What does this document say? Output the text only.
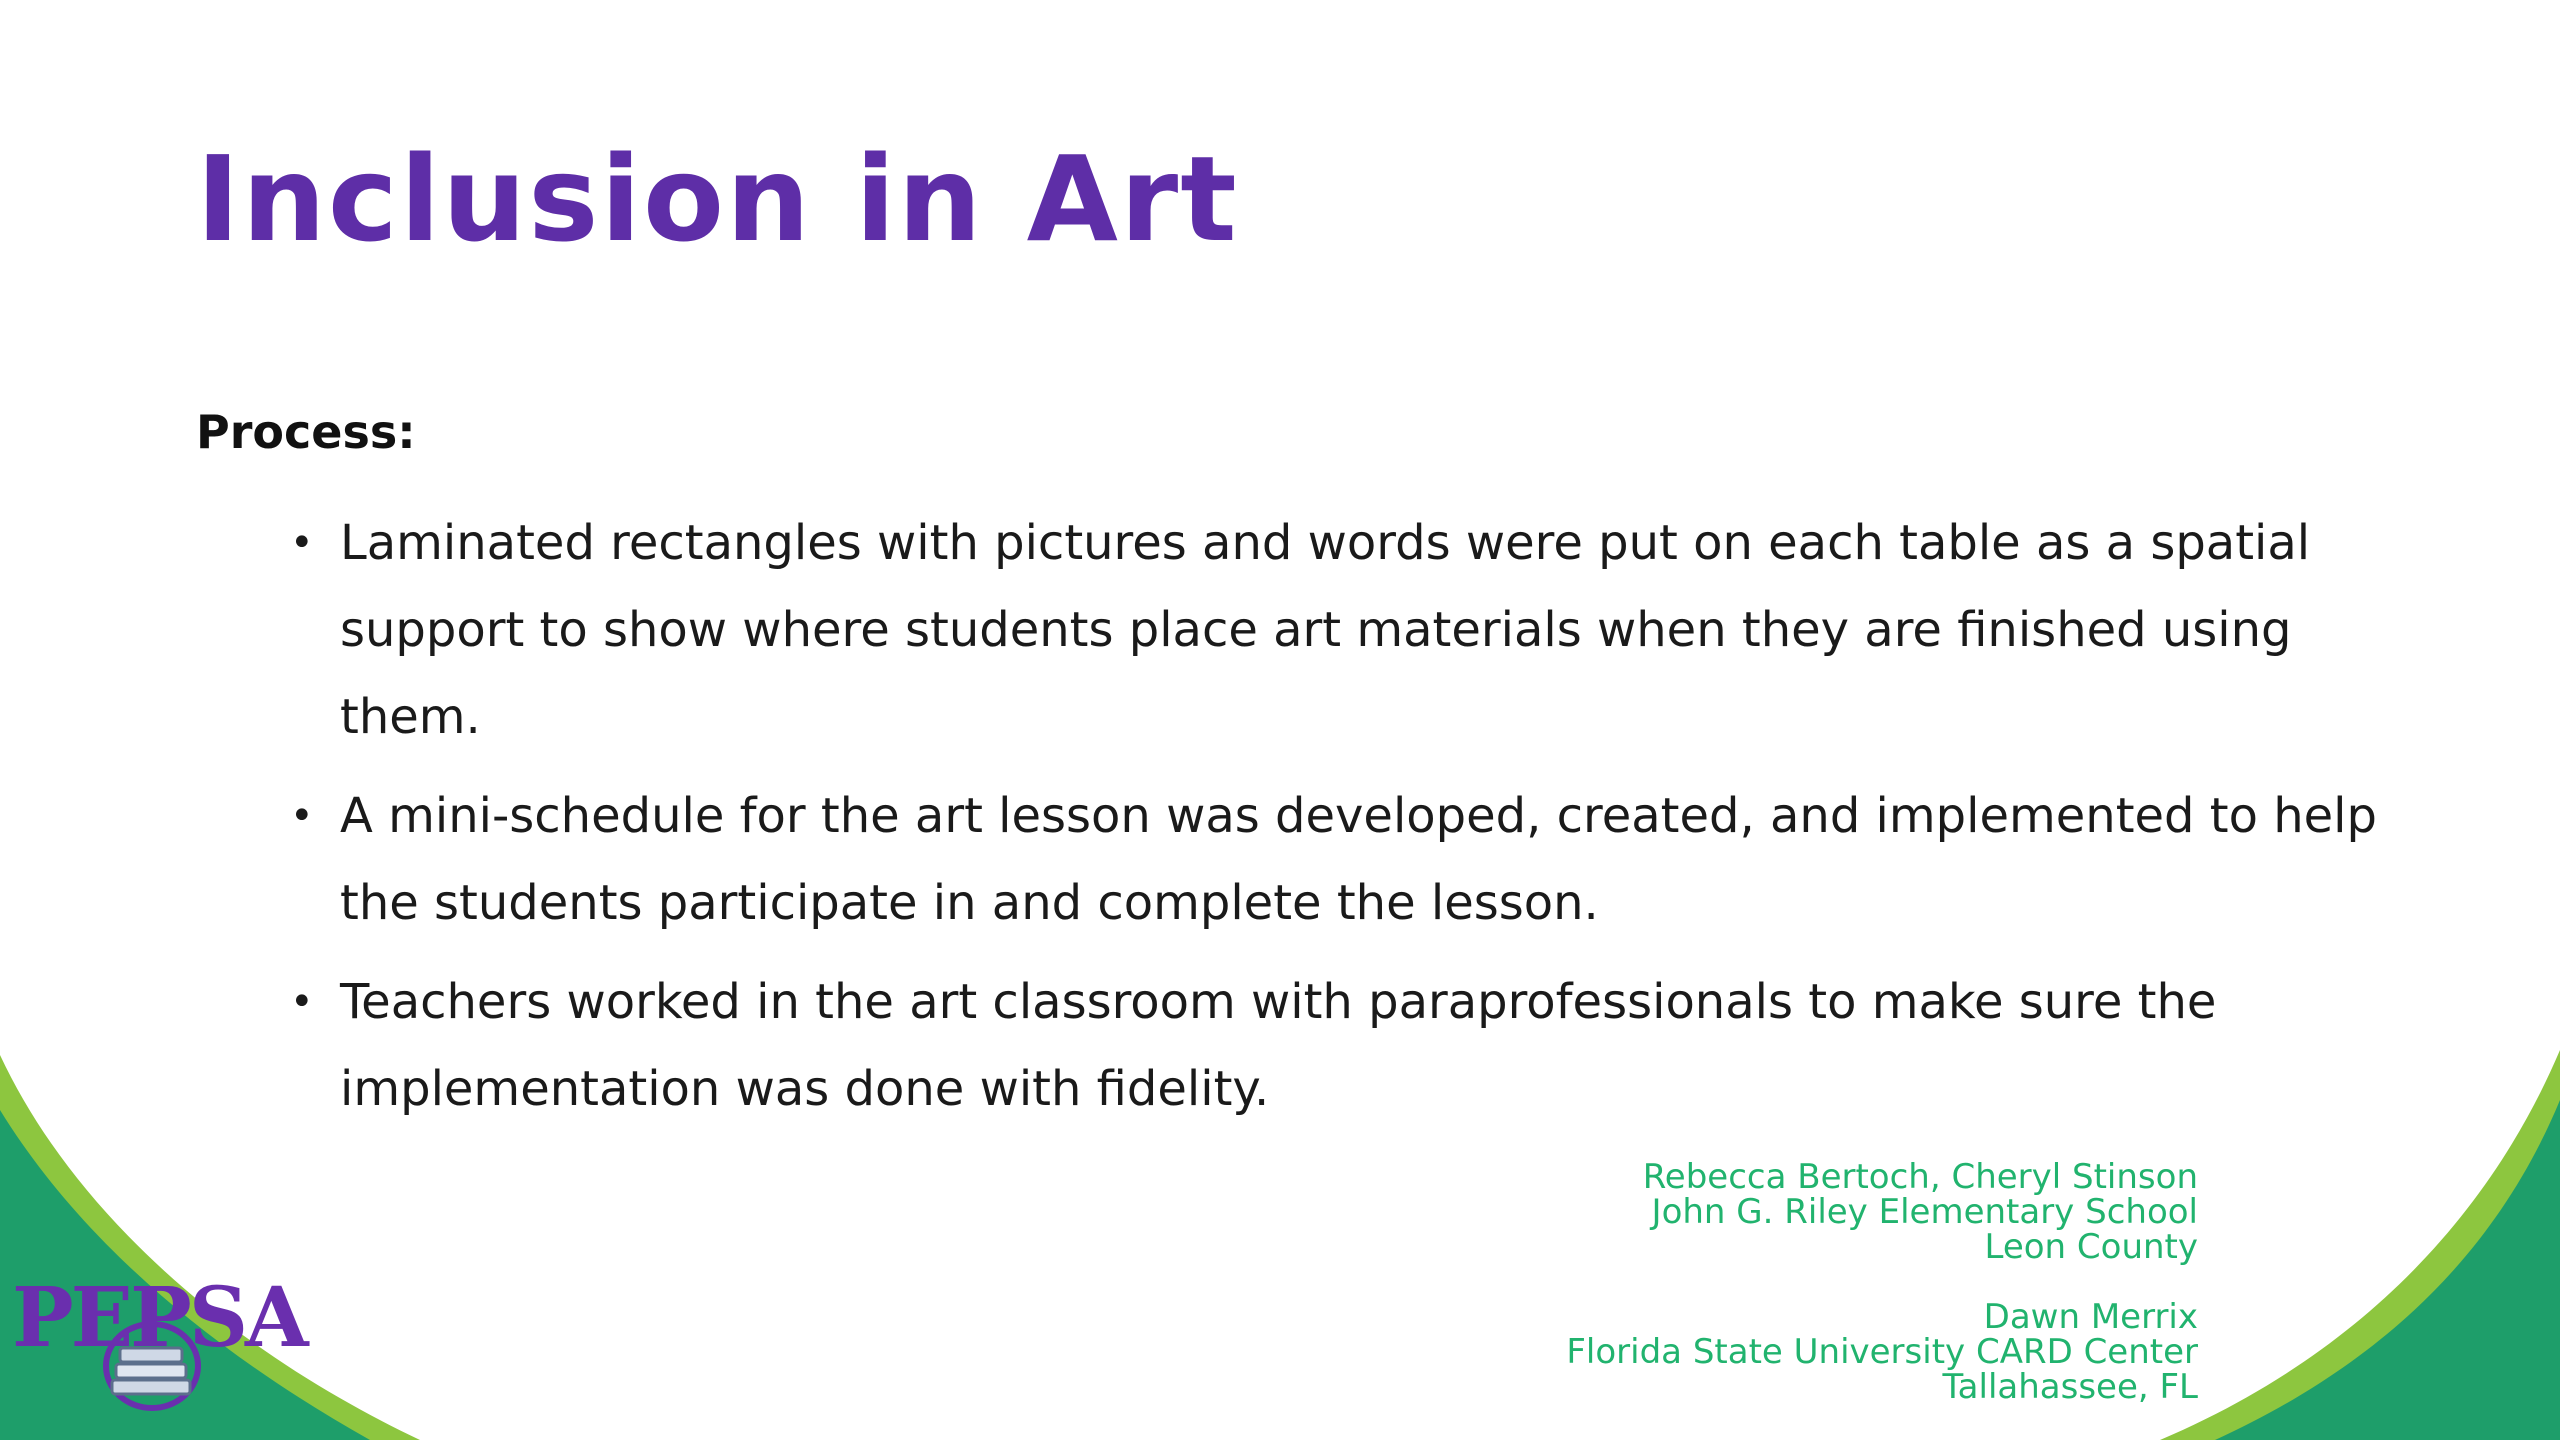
Inclusion in Art
Process:
• Laminated rectangles with pictures and words were put on each table as a spatial support to show where students place art materials when they are finished using them.
• A mini-schedule for the art lesson was developed, created, and implemented to help the students participate in and complete the lesson.
• Teachers worked in the art classroom with paraprofessionals to make sure the implementation was done with fidelity.
Rebecca Bertoch, Cheryl Stinson
John G. Riley Elementary School
Leon County
Dawn Merrix
Florida State University CARD Center
Tallahassee, FL
PEPSA
